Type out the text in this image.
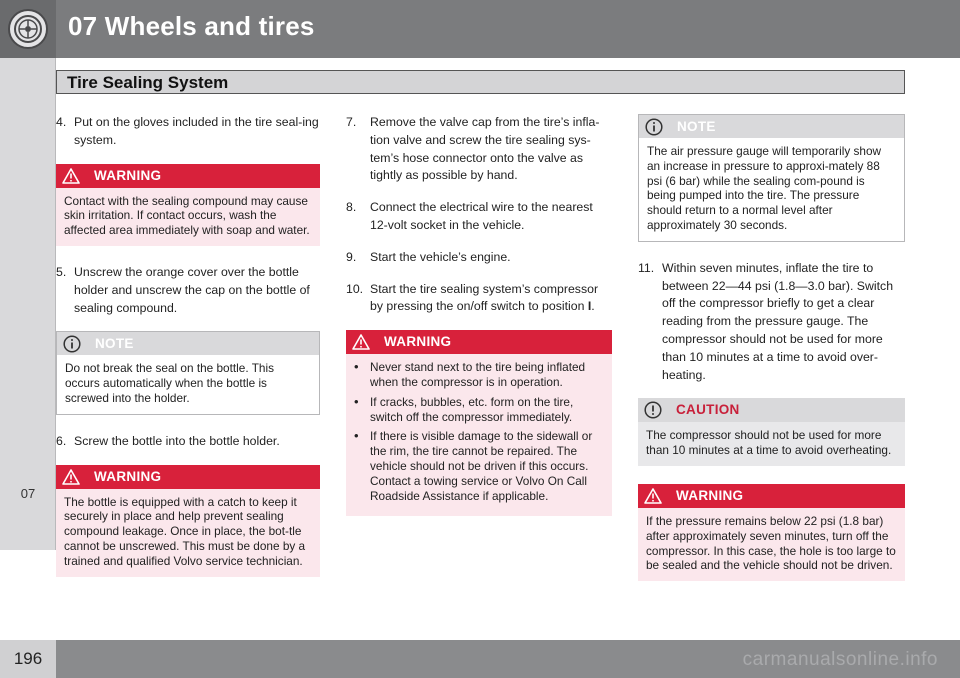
07 Wheels and tires
Tire Sealing System
07
4. Put on the gloves included in the tire seal-ing system.
WARNING
Contact with the sealing compound may cause skin irritation. If contact occurs, wash the affected area immediately with soap and water.
5. Unscrew the orange cover over the bottle holder and unscrew the cap on the bottle of sealing compound.
NOTE
Do not break the seal on the bottle. This occurs automatically when the bottle is screwed into the holder.
6. Screw the bottle into the bottle holder.
WARNING
The bottle is equipped with a catch to keep it securely in place and help prevent sealing compound leakage. Once in place, the bot-tle cannot be unscrewed. This must be done by a trained and qualified Volvo service technician.
7.	Remove the valve cap from the tire’s infla-tion valve and screw the tire sealing sys-tem’s hose connector onto the valve as tightly as possible by hand.
8.	Connect the electrical wire to the nearest 12-volt socket in the vehicle.
9.	Start the vehicle’s engine.
10. Start the tire sealing system’s compressor by pressing the on/off switch to position I.
WARNING
• Never stand next to the tire being inflated when the compressor is in operation.
• If cracks, bubbles, etc. form on the tire, switch off the compressor immediately.
• If there is visible damage to the sidewall or the rim, the tire cannot be repaired. The vehicle should not be driven if this occurs. Contact a towing service or Volvo On Call Roadside Assistance if applicable.
NOTE
The air pressure gauge will temporarily show an increase in pressure to approxi-mately 88 psi (6 bar) while the sealing com-pound is being pumped into the tire. The pressure should return to a normal level after approximately 30 seconds.
11. Within seven minutes, inflate the tire to between 22—44 psi (1.8—3.0 bar). Switch off the compressor briefly to get a clear reading from the pressure gauge. The compressor should not be used for more than 10 minutes at a time to avoid over-heating.
CAUTION
The compressor should not be used for more than 10 minutes at a time to avoid overheating.
WARNING
If the pressure remains below 22 psi (1.8 bar) after approximately seven minutes, turn off the compressor. In this case, the hole is too large to be sealed and the vehicle should not be driven.
196	carmanualsonline.info
